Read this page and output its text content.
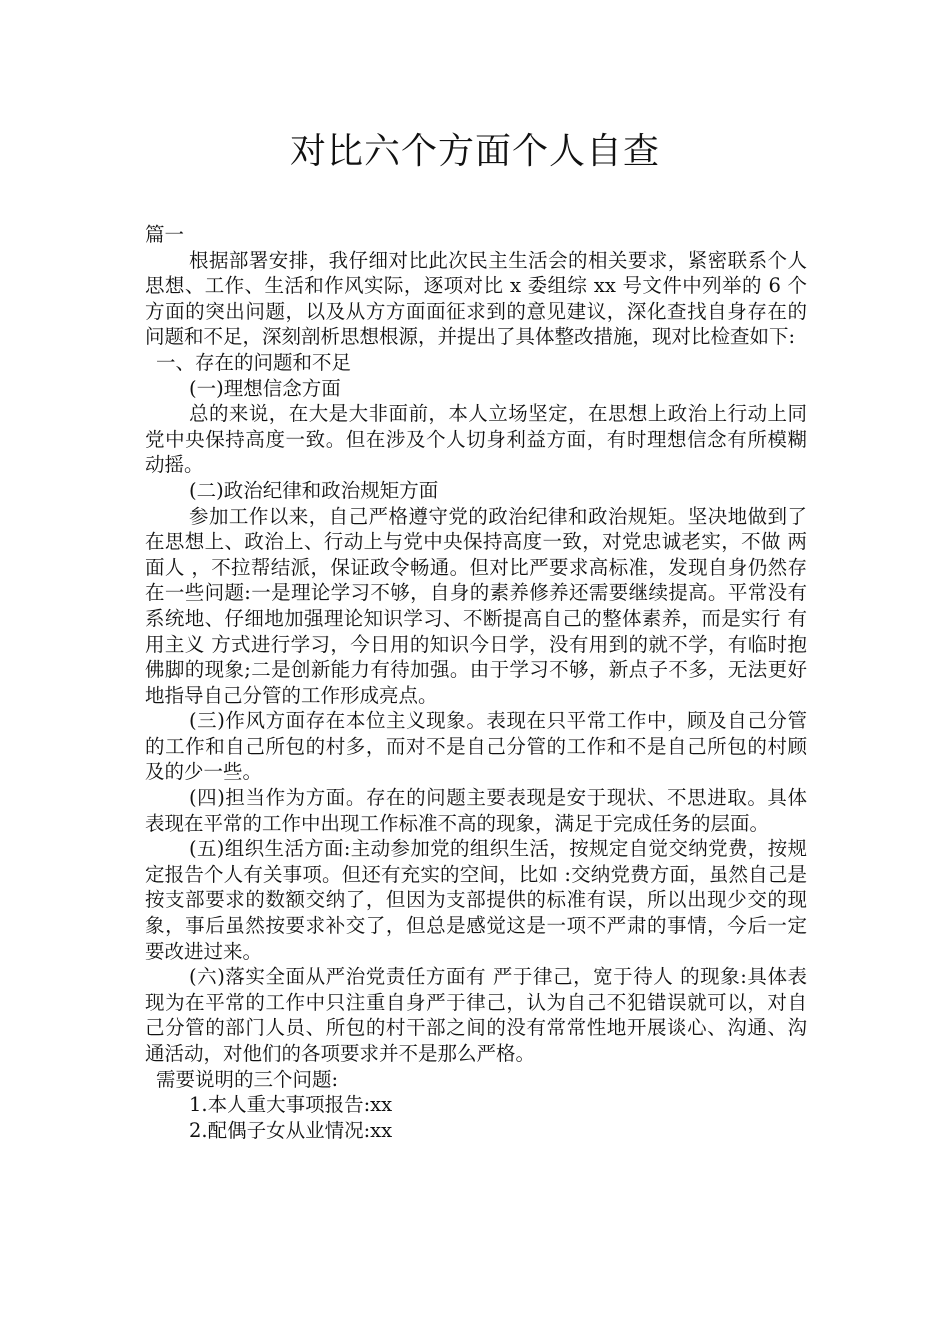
对比六个方面个人自查

篇一

根据部署安排，我仔细对比此次民主生活会的相关要求，紧密联系个人思想、工作、生活和作风实际，逐项对比 x 委组综 xx 号文件中列举的 6 个方面的突出问题，以及从方方面面征求到的意见建议，深化查找自身存在的问题和不足，深刻剖析思想根源，并提出了具体整改措施，现对比检查如下:

一、存在的问题和不足

(一)理想信念方面

总的来说，在大是大非面前，本人立场坚定，在思想上政治上行动上同党中央保持高度一致。但在涉及个人切身利益方面，有时理想信念有所模糊动摇。

(二)政治纪律和政治规矩方面

参加工作以来，自己严格遵守党的政治纪律和政治规矩。坚决地做到了在思想上、政治上、行动上与党中央保持高度一致，对党忠诚老实，不做 两面人 ，不拉帮结派，保证政令畅通。但对比严要求高标准，发现自身仍然存在一些问题:一是理论学习不够，自身的素养修养还需要继续提高。平常没有系统地、仔细地加强理论知识学习、不断提高自己的整体素养，而是实行 有用主义 方式进行学习，今日用的知识今日学，没有用到的就不学，有临时抱佛脚的现象;二是创新能力有待加强。由于学习不够，新点子不多，无法更好地指导自己分管的工作形成亮点。

(三)作风方面存在本位主义现象。表现在只平常工作中，顾及自己分管的工作和自己所包的村多，而对不是自己分管的工作和不是自己所包的村顾及的少一些。

(四)担当作为方面。存在的问题主要表现是安于现状、不思进取。具体表现在平常的工作中出现工作标准不高的现象，满足于完成任务的层面。

(五)组织生活方面:主动参加党的组织生活，按规定自觉交纳党费，按规定报告个人有关事项。但还有充实的空间，比如 :交纳党费方面，虽然自己是按支部要求的数额交纳了，但因为支部提供的标准有误，所以出现少交的现象，事后虽然按要求补交了，但总是感觉这是一项不严肃的事情，今后一定要改进过来。

(六)落实全面从严治党责任方面有 严于律己，宽于待人 的现象:具体表现为在平常的工作中只注重自身严于律己，认为自己不犯错误就可以，对自己分管的部门人员、所包的村干部之间的没有常常性地开展谈心、沟通、沟通活动，对他们的各项要求并不是那么严格。

需要说明的三个问题:

1.本人重大事项报告:xx

2.配偶子女从业情况:xx
